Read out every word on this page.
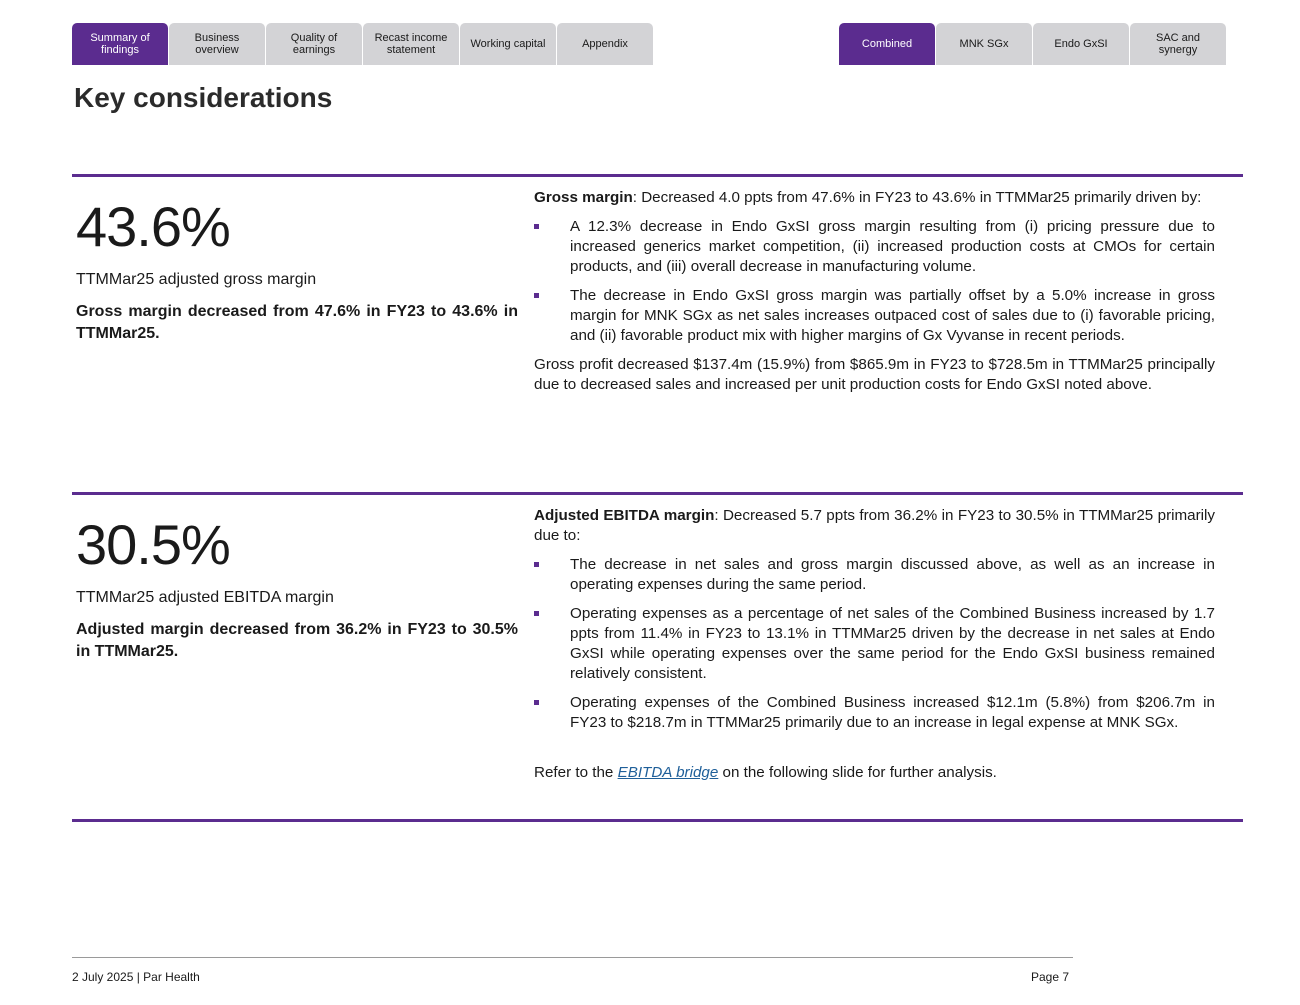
Summary of findings
Business overview
Quality of earnings
Recast income statement	Working capital	Appendix	Combined	MNK SGx	Endo GxSI	SAC and synergy
Key considerations
43.6%
TTMMar25 adjusted gross margin
Gross margin decreased from 47.6% in FY23 to 43.6% in TTMMar25.

Gross margin: Decreased 4.0 ppts from 47.6% in FY23 to 43.6% in TTMMar25 primarily driven by:

A 12.3% decrease in Endo GxSI gross margin resulting from (i) pricing pressure due to increased generics market competition, (ii) increased production costs at CMOs for certain products, and (iii) overall decrease in manufacturing volume.
The decrease in Endo GxSI gross margin was partially offset by a 5.0% increase in gross margin for MNK SGx as net sales increases outpaced cost of sales due to (i) favorable pricing, and (ii) favorable product mix with higher margins of Gx Vyvanse in recent periods.

Gross profit decreased $137.4m (15.9%) from $865.9m in FY23 to $728.5m in TTMMar25 principally due to decreased sales and increased per unit production costs for Endo GxSI noted above.

30.5%
TTMMar25 adjusted EBITDA margin
Adjusted margin decreased from 36.2% in FY23 to 30.5% in TTMMar25.

Adjusted EBITDA margin: Decreased 5.7 ppts from 36.2% in FY23 to 30.5% in TTMMar25 primarily due to:

The decrease in net sales and gross margin discussed above, as well as an increase in operating expenses during the same period.
Operating expenses as a percentage of net sales of the Combined Business increased by 1.7 ppts from 11.4% in FY23 to 13.1% in TTMMar25 driven by the decrease in net sales at Endo GxSI while operating expenses over the same period for the Endo GxSI business remained relatively consistent.
Operating expenses of the Combined Business increased $12.1m (5.8%) from $206.7m in FY23 to $218.7m in TTMMar25 primarily due to an increase in legal expense at MNK SGx.

Refer to the EBITDA bridge on the following slide for further analysis.

2 July 2025 | Par Health	Page 7
